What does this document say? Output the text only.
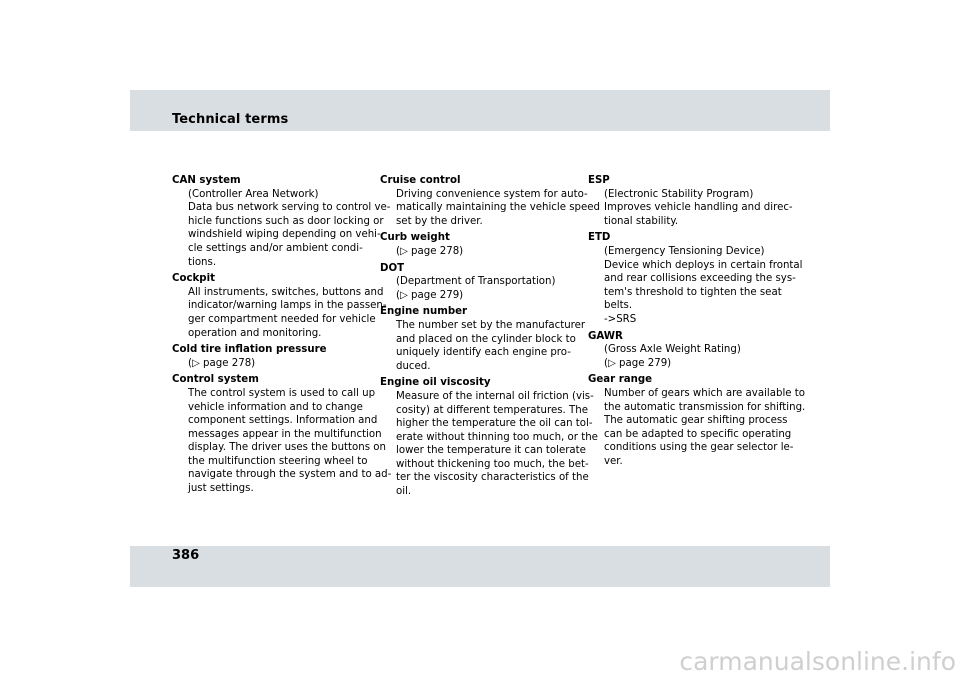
Technical terms
CAN system
(Controller Area Network)
Data bus network serving to control ve-
hicle functions such as door locking or
windshield wiping depending on vehi-
cle settings and/or ambient condi-
tions.
Cockpit
All instruments, switches, buttons and
indicator/warning lamps in the passen-
ger compartment needed for vehicle
operation and monitoring.
Cold tire inflation pressure
(▷ page 278)
Control system
The control system is used to call up
vehicle information and to change
component settings. Information and
messages appear in the multifunction
display. The driver uses the buttons on
the multifunction steering wheel to
navigate through the system and to ad-
just settings.
Cruise control
Driving convenience system for auto-
matically maintaining the vehicle speed
set by the driver.
Curb weight
(▷ page 278)
DOT
(Department of Transportation)
(▷ page 279)
Engine number
The number set by the manufacturer
and placed on the cylinder block to
uniquely identify each engine pro-
duced.
Engine oil viscosity
Measure of the internal oil friction (vis-
cosity) at different temperatures. The
higher the temperature the oil can tol-
erate without thinning too much, or the
lower the temperature it can tolerate
without thickening too much, the bet-
ter the viscosity characteristics of the
oil.
ESP
(Electronic Stability Program)
Improves vehicle handling and direc-
tional stability.
ETD
(Emergency Tensioning Device)
Device which deploys in certain frontal
and rear collisions exceeding the sys-
tem's threshold to tighten the seat
belts.
->SRS
GAWR
(Gross Axle Weight Rating)
(▷ page 279)
Gear range
Number of gears which are available to
the automatic transmission for shifting.
The automatic gear shifting process
can be adapted to specific operating
conditions using the gear selector le-
ver.
386
carmanualsonline.info
